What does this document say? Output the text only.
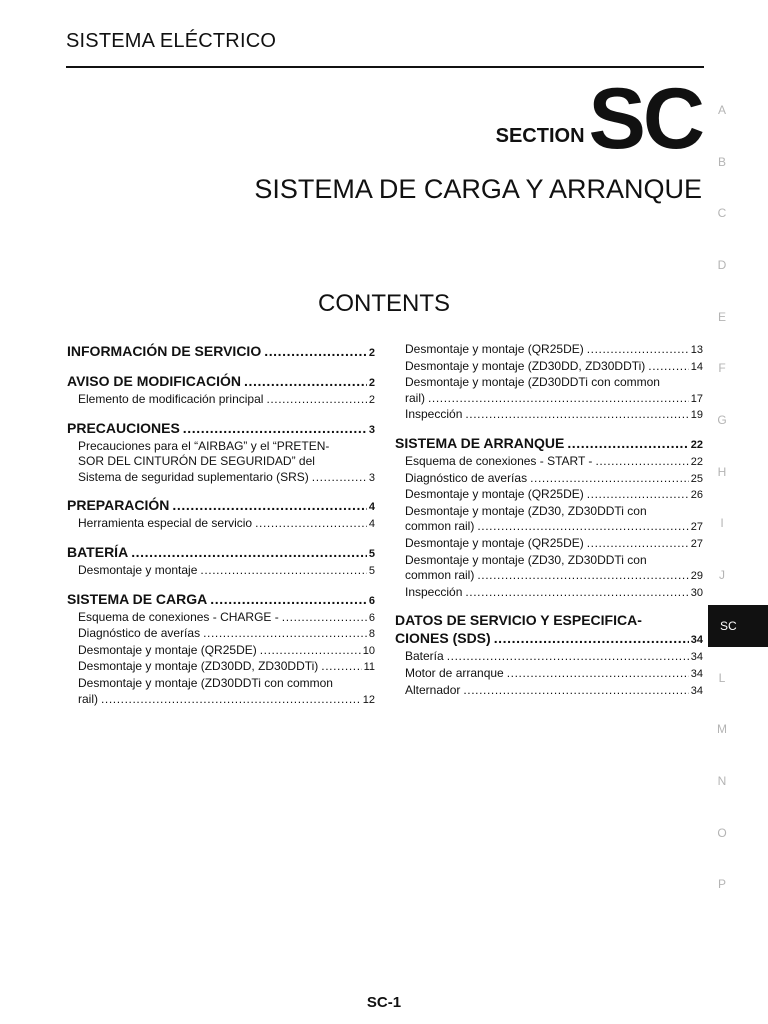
SISTEMA ELÉCTRICO
SECTION SC
SISTEMA DE CARGA Y ARRANQUE
CONTENTS
INFORMACIÓN DE SERVICIO .....	2
AVISO DE MODIFICACIÓN .....	2
Elemento de modificación principal .....	2
PRECAUCIONES .....	3
Precauciones para el “AIRBAG” y el “PRETEN-
SOR DEL CINTURÓN DE SEGURIDAD” del
Sistema de seguridad suplementario (SRS) .....	3
PREPARACIÓN .....	4
Herramienta especial de servicio .....	4
BATERÍA .....	5
Desmontaje y montaje .....	5
SISTEMA DE CARGA .....	6
Esquema de conexiones - CHARGE - .....	6
Diagnóstico de averías .....	8
Desmontaje y montaje (QR25DE) .....	10
Desmontaje y montaje (ZD30DD, ZD30DDTi) .....	11
Desmontaje y montaje (ZD30DDTi con common
rail) .....	12
Desmontaje y montaje (QR25DE) .....	13
Desmontaje y montaje (ZD30DD, ZD30DDTi) .....	14
Desmontaje y montaje (ZD30DDTi con common
rail) .....	17
Inspección .....	19
SISTEMA DE ARRANQUE .....	22
Esquema de conexiones - START - .....	22
Diagnóstico de averías .....	25
Desmontaje y montaje (QR25DE) .....	26
Desmontaje y montaje (ZD30, ZD30DDTi con
common rail) .....	27
Desmontaje y montaje (QR25DE) .....	27
Desmontaje y montaje (ZD30, ZD30DDTi con
common rail) .....	29
Inspección .....	30
DATOS DE SERVICIO Y ESPECIFICA-
CIONES (SDS) .....	34
Batería .....	34
Motor de arranque .....	34
Alternador .....	34
A
B
C
D
E
F
G
H
I
J
SC
L
M
N
O
P
SC-1
